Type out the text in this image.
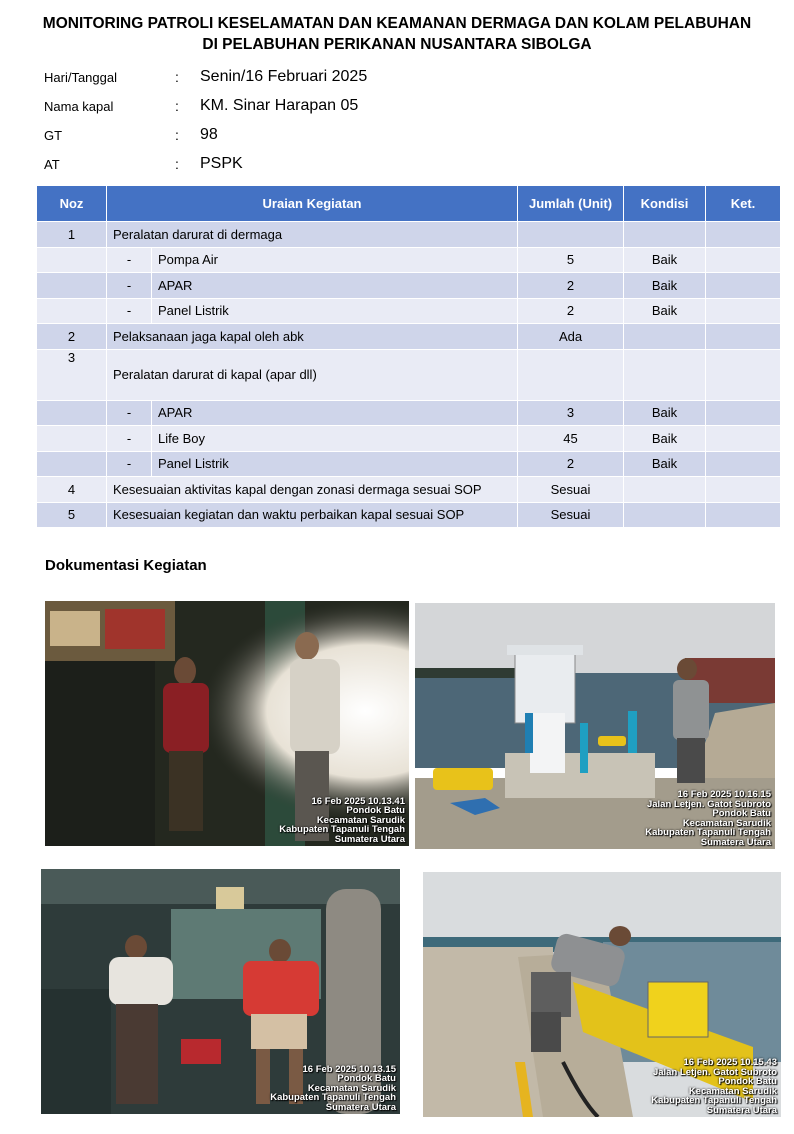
MONITORING PATROLI KESELAMATAN DAN KEAMANAN DERMAGA DAN KOLAM PELABUHAN
DI PELABUHAN PERIKANAN NUSANTARA SIBOLGA
Hari/Tanggal	: Senin/16 Februari 2025
Nama kapal	: KM. Sinar Harapan 05
GT	: 98
AT	: PSPK
Noz	Uraian Kegiatan		Jumlah (Unit)	Kondisi	Ket.
1	Peralatan darurat di dermaga				
	-	Pompa Air	5	Baik	
	-	APAR	2	Baik	
	-	Panel Listrik	2	Baik	
2	Pelaksanaan jaga kapal oleh abk		Ada		
3	Peralatan darurat di kapal (apar dll)				
	-	APAR	3	Baik	
	-	Life Boy	45	Baik	
	-	Panel Listrik	2	Baik	
4	Kesesuaian aktivitas kapal dengan zonasi dermaga sesuai SOP		Sesuai		
5	Kesesuaian kegiatan dan waktu perbaikan kapal sesuai SOP		Sesuai		
Dokumentasi Kegiatan
16 Feb 2025 10.13.41
Pondok Batu
Kecamatan Sarudik
Kabupaten Tapanuli Tengah
Sumatera Utara
16 Feb 2025 10.16.15
Jalan Letjen. Gatot Subroto
Pondok Batu
Kecamatan Sarudik
Kabupaten Tapanuli Tengah
Sumatera Utara
16 Feb 2025 10.13.15
Pondok Batu
Kecamatan Sarudik
Kabupaten Tapanuli Tengah
Sumatera Utara
16 Feb 2025 10.15.43
Jalan Letjen. Gatot Subroto
Pondok Batu
Kecamatan Sarudik
Kabupaten Tapanuli Tengah
Sumatera Utara
